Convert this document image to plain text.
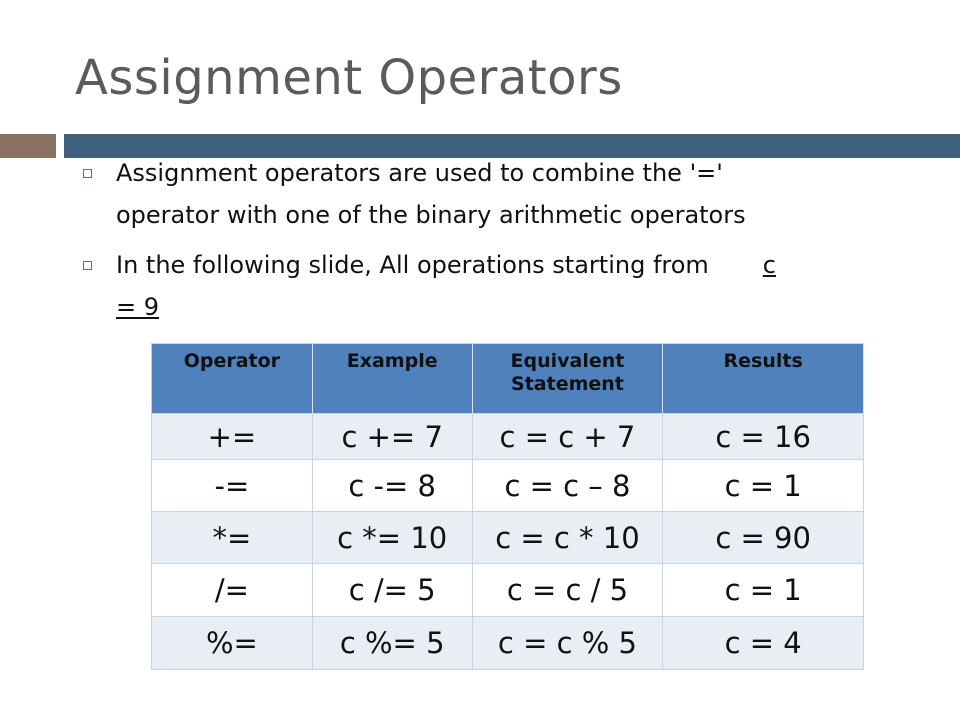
Assignment Operators
Assignment operators are used to combine the '='
operator with one of the binary arithmetic operators
In the following slide, All operations starting from c
= 9
Operator	Example	Equivalent Statement	Results
+=	c += 7	c = c + 7	c = 16
-=	c -= 8	c = c – 8	c = 1
*=	c *= 10	c = c * 10	c = 90
/=	c /= 5	c = c / 5	c = 1
%=	c %= 5	c = c % 5	c = 4
